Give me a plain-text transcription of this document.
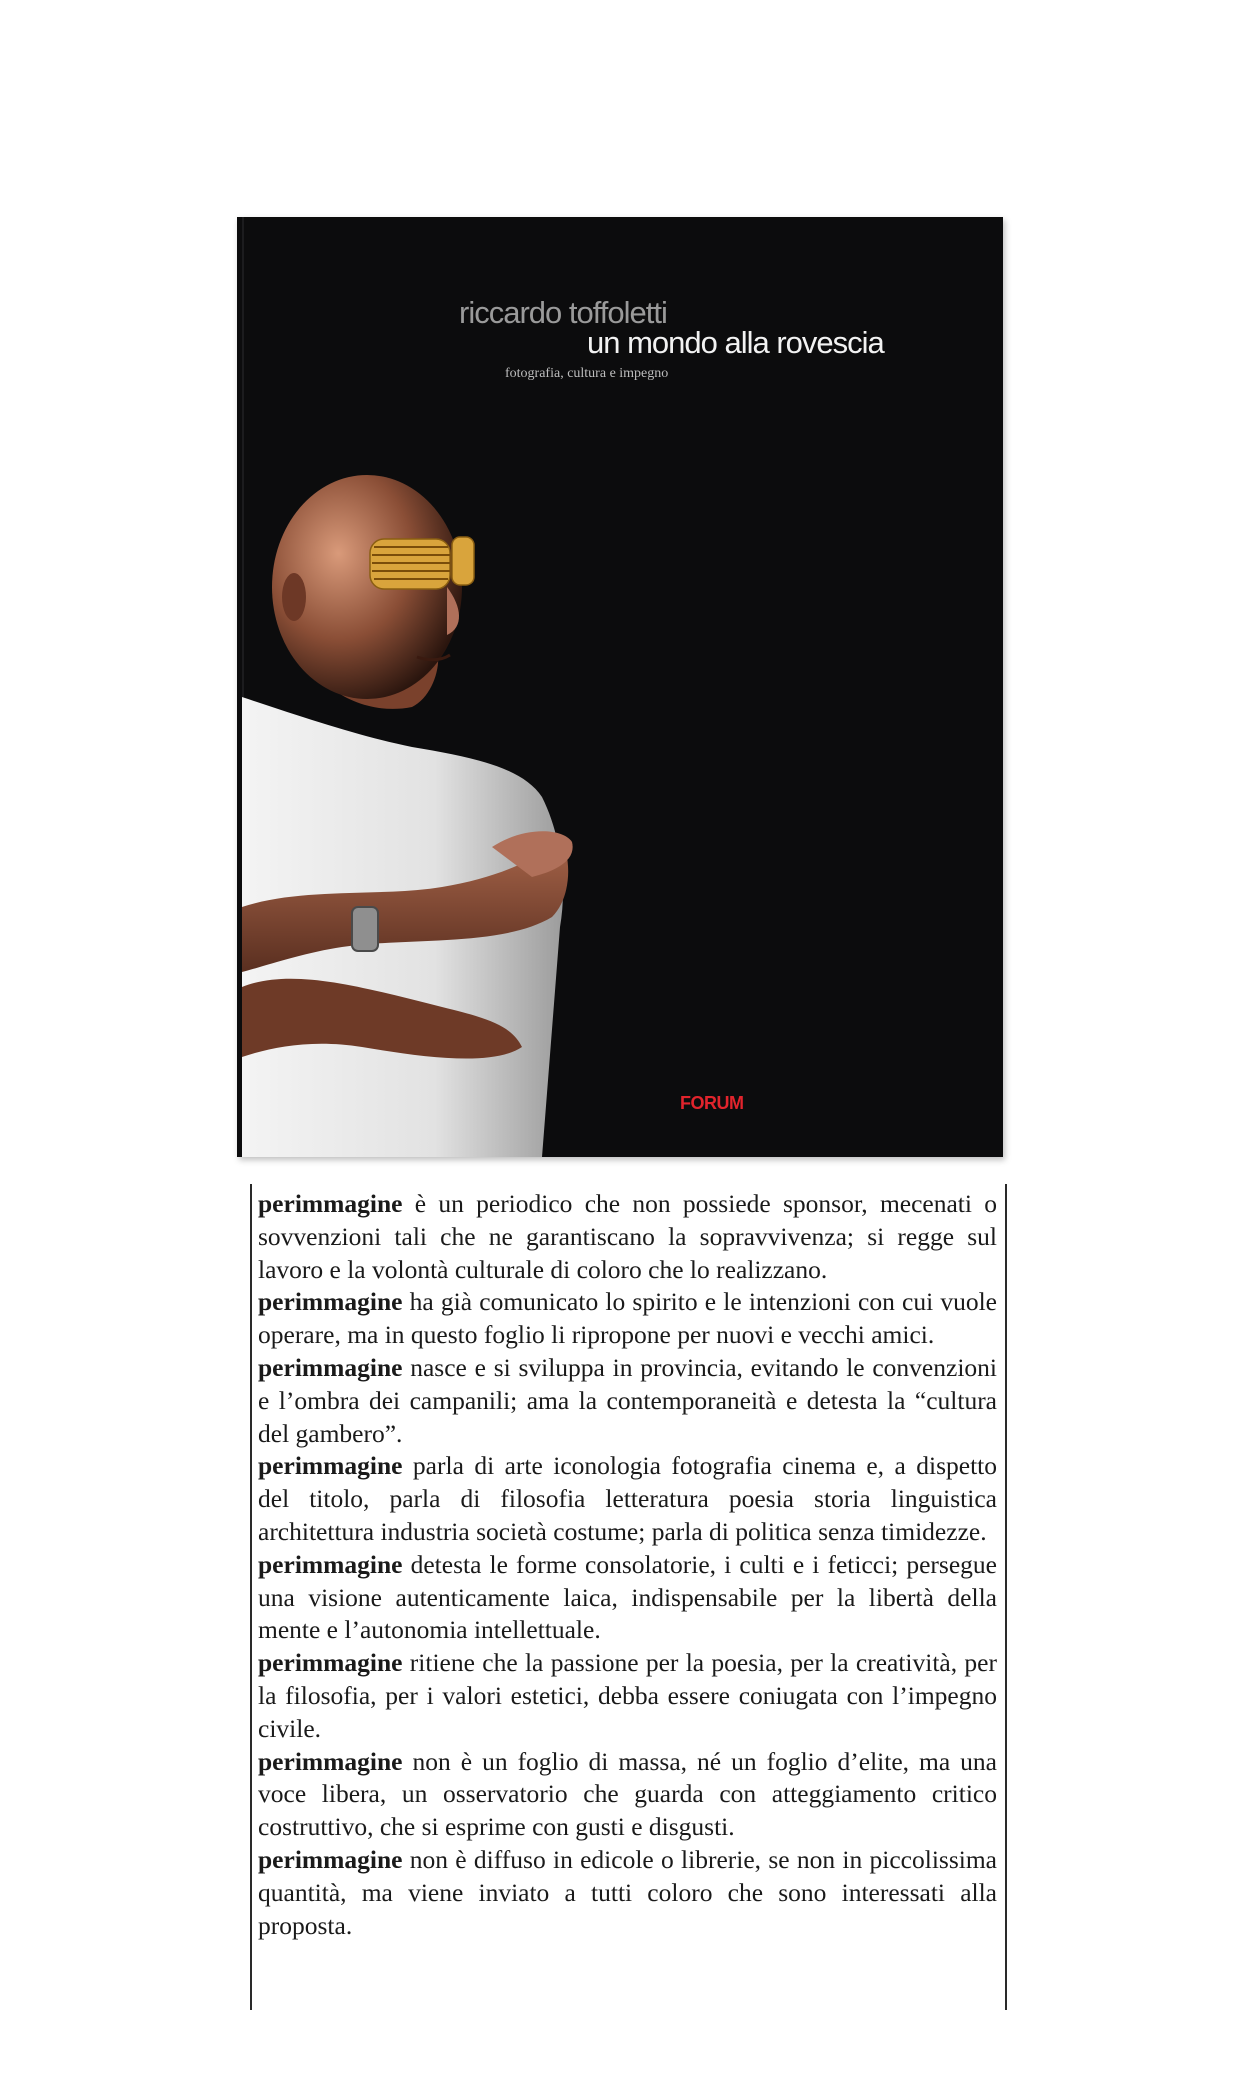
riccardo toffoletti
un mondo alla rovescia
fotografia, cultura e impegno
FORUM

perimmagine è un periodico che non possiede sponsor, mecenati o sovvenzioni tali che ne garantiscano la sopravvivenza; si regge sul lavoro e la volontà culturale di coloro che lo realizzano.

perimmagine ha già comunicato lo spirito e le intenzioni con cui vuole operare, ma in questo foglio li ripropone per nuovi e vecchi amici.

perimmagine nasce e si sviluppa in provincia, evitando le convenzioni e l’ombra dei campanili; ama la contemporaneità e detesta la “cultura del gambero”.

perimmagine parla di arte iconologia fotografia cinema e, a dispetto del titolo, parla di filosofia letteratura poesia storia linguistica architettura industria società costume; parla di politica senza timidezze.

perimmagine detesta le forme consolatorie, i culti e i feticci; persegue una visione autenticamente laica, indispensabile per la libertà della mente e l’autonomia intellettuale.

perimmagine ritiene che la passione per la poesia, per la creatività, per la filosofia, per i valori estetici, debba essere coniugata con l’impegno civile.

perimmagine non è un foglio di massa, né un foglio d’elite, ma una voce libera, un osservatorio che guarda con atteggiamento critico costruttivo, che si esprime con gusti e disgusti.

perimmagine non è diffuso in edicole o librerie, se non in piccolissima quantità, ma viene inviato a tutti coloro che sono interessati alla proposta.
